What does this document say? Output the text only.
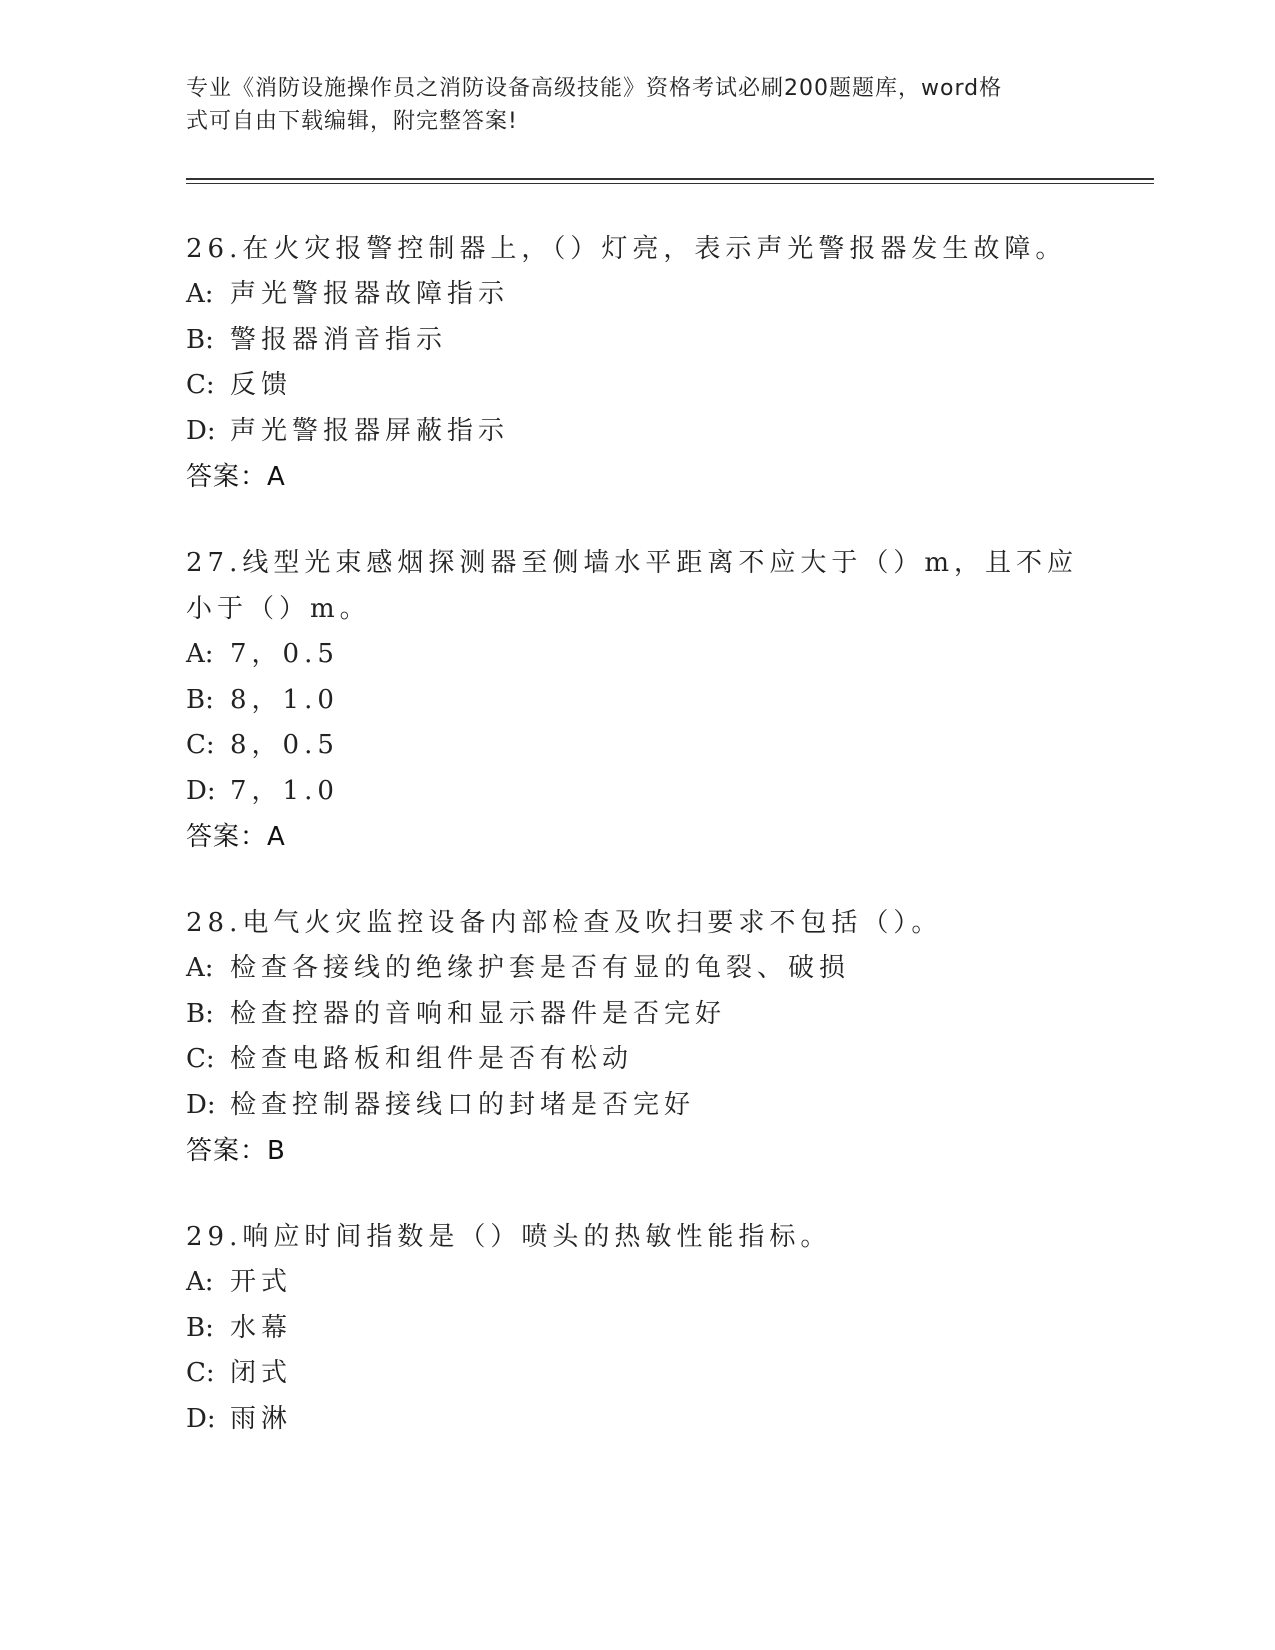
专业《消防设施操作员之消防设备高级技能》资格考试必刷200题题库，word格
式可自由下载编辑，附完整答案!
26.在火灾报警控制器上，（）灯亮，表示声光警报器发生故障。
A: 声光警报器故障指示
B: 警报器消音指示
C: 反馈
D: 声光警报器屏蔽指示
答案：A
27.线型光束感烟探测器至侧墙水平距离不应大于（）m，且不应小于（）m。
A: 7，0.5
B: 8，1.0
C: 8，0.5
D: 7，1.0
答案：A
28.电气火灾监控设备内部检查及吹扫要求不包括（）。
A: 检查各接线的绝缘护套是否有显的龟裂、破损
B: 检查控器的音响和显示器件是否完好
C: 检查电路板和组件是否有松动
D: 检查控制器接线口的封堵是否完好
答案：B
29.响应时间指数是（）喷头的热敏性能指标。
A: 开式
B: 水幕
C: 闭式
D: 雨淋
